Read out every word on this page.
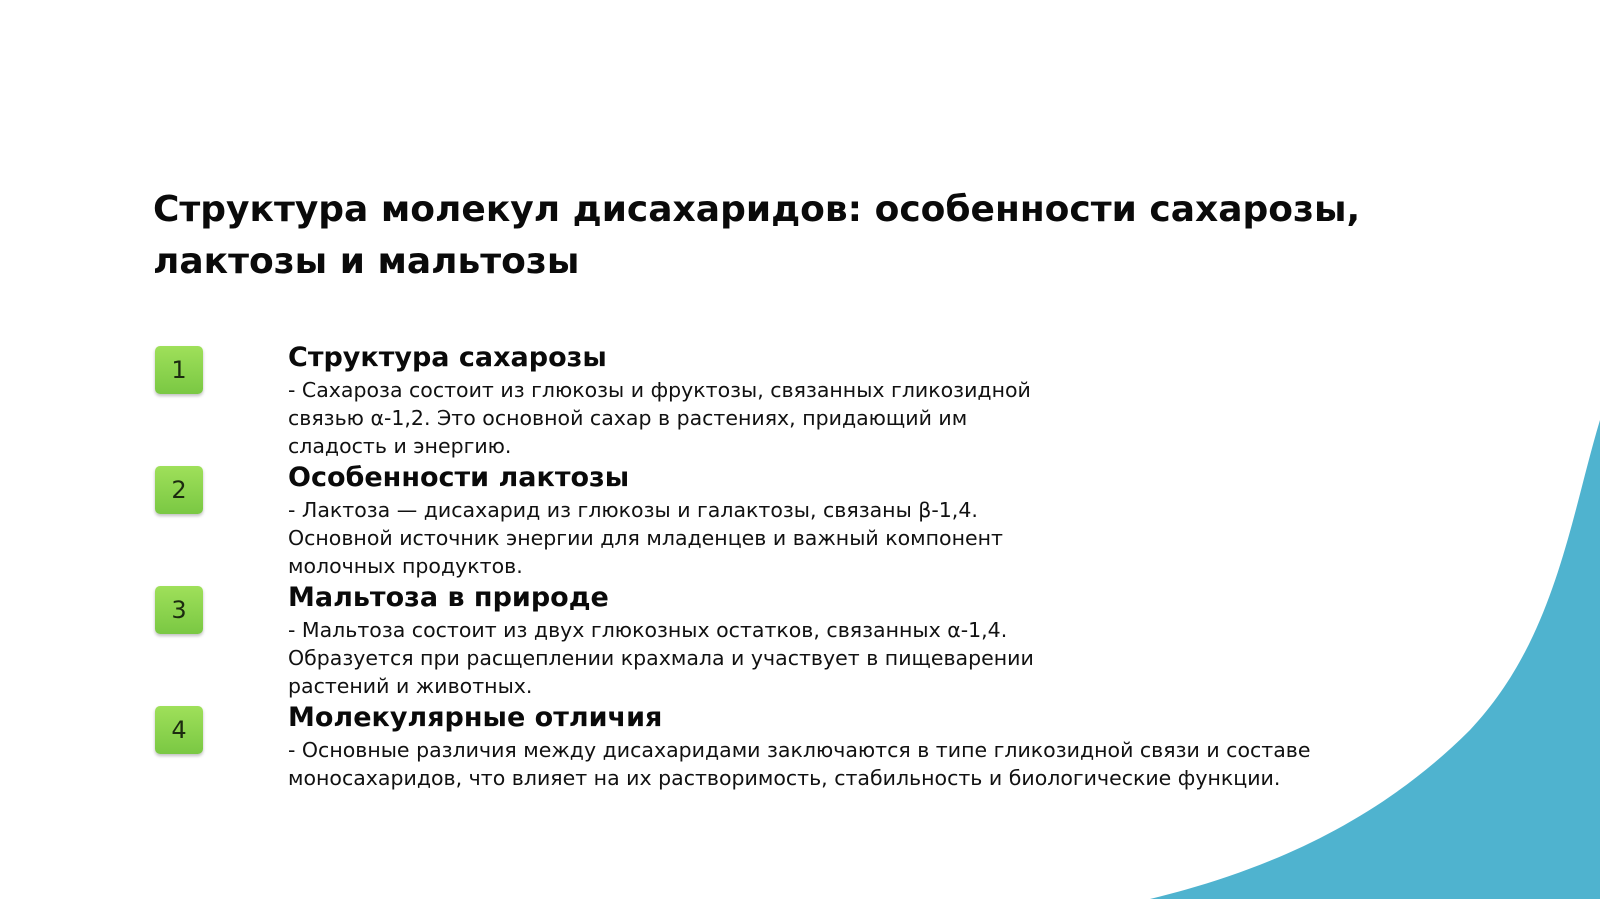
Структура молекул дисахаридов: особенности сахарозы, лактозы и мальтозы
1	Структура сахарозы

- Сахароза состоит из глюкозы и фруктозы, связанных гликозидной
связью α-1,2. Это основной сахар в растениях, придающий им
сладость и энергию.

2	Особенности лактозы

- Лактоза — дисахарид из глюкозы и галактозы, связаны β-1,4.
Основной источник энергии для младенцев и важный компонент
молочных продуктов.

3	Мальтоза в природе

- Мальтоза состоит из двух глюкозных остатков, связанных α-1,4.
Образуется при расщеплении крахмала и участвует в пищеварении
растений и животных.

4	Молекулярные отличия

- Основные различия между дисахаридами заключаются в типе гликозидной связи и составе
моносахаридов, что влияет на их растворимость, стабильность и биологические функции.
